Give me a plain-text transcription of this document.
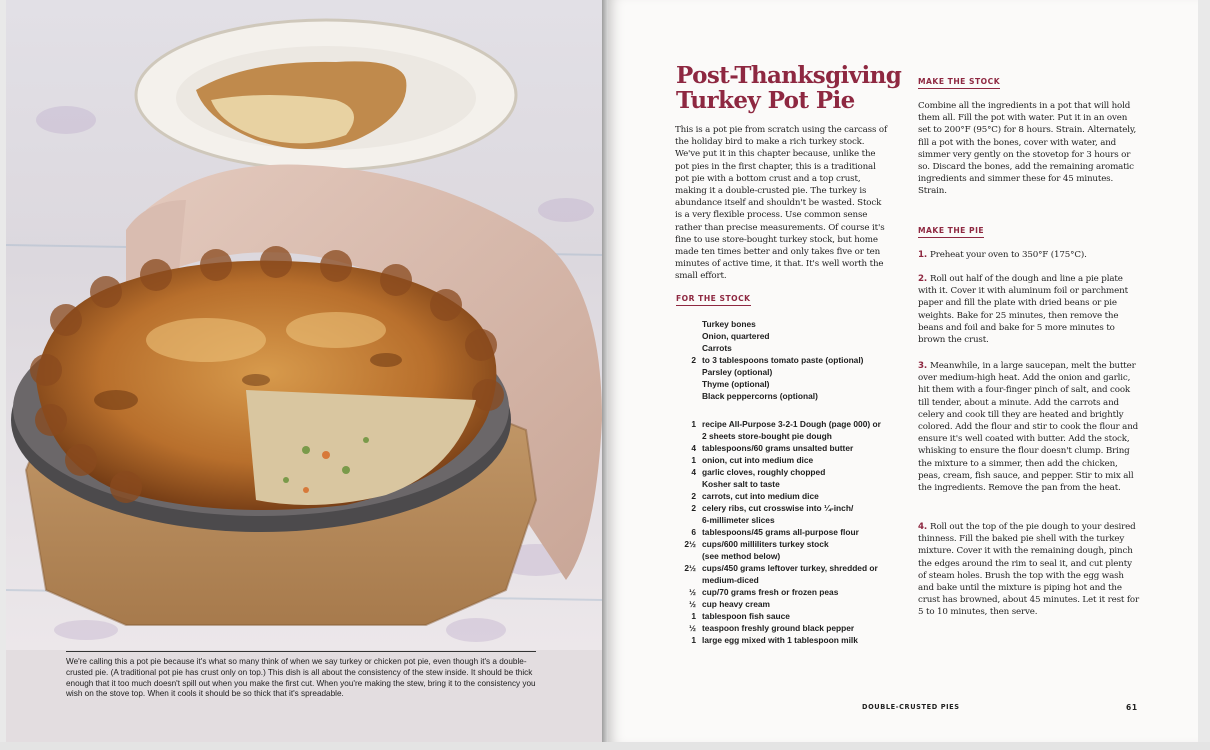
We're calling this a pot pie because it's what so many think of when we say turkey or chicken pot pie, even though it's a double-crusted pie. (A traditional pot pie has crust only on top.) This dish is all about the consistency of the stew inside. It should be thick enough that it too much doesn't spill out when you make the first cut. When you're making the stew, bring it to the consistency you wish on the stove top. When it cools it should be so thick that it's spreadable.
Post-Thanksgiving
Turkey Pot Pie
This is a pot pie from scratch using the carcass of the holiday bird to make a rich turkey stock. We've put it in this chapter because, unlike the pot pies in the first chapter, this is a traditional pot pie with a bottom crust and a top crust, making it a double-crusted pie. The turkey is abundance itself and shouldn't be wasted. Stock is a very flexible process. Use common sense rather than precise measurements. Of course it's fine to use store-bought turkey stock, but home made ten times better and only takes five or ten minutes of active time, it that. It's well worth the small effort.
FOR THE STOCK
Turkey bones
Onion, quartered
Carrots
2 to 3 tablespoons tomato paste (optional)
Parsley (optional)
Thyme (optional)
Black peppercorns (optional)
1 recipe All-Purpose 3-2-1 Dough (page 000) or
2 sheets store-bought pie dough
4 tablespoons/60 grams unsalted butter
1 onion, cut into medium dice
4 garlic cloves, roughly chopped
Kosher salt to taste
2 carrots, cut into medium dice
2 celery ribs, cut crosswise into ¼-inch/
6-millimeter slices
6 tablespoons/45 grams all-purpose flour
2½ cups/600 milliliters turkey stock
(see method below)
2½ cups/450 grams leftover turkey, shredded or
medium-diced
½ cup/70 grams fresh or frozen peas
½ cup heavy cream
1 tablespoon fish sauce
½ teaspoon freshly ground black pepper
1 large egg mixed with 1 tablespoon milk
MAKE THE STOCK
Combine all the ingredients in a pot that will hold them all. Fill the pot with water. Put it in an oven set to 200°F (95°C) for 8 hours. Strain. Alternately, fill a pot with the bones, cover with water, and simmer very gently on the stovetop for 3 hours or so. Discard the bones, add the remaining aromatic ingredients and simmer these for 45 minutes. Strain.
MAKE THE PIE
1. Preheat your oven to 350°F (175°C).
2. Roll out half of the dough and line a pie plate with it. Cover it with aluminum foil or parchment paper and fill the plate with dried beans or pie weights. Bake for 25 minutes, then remove the beans and foil and bake for 5 more minutes to brown the crust.
3. Meanwhile, in a large saucepan, melt the butter over medium-high heat. Add the onion and garlic, hit them with a four-finger pinch of salt, and cook till tender, about a minute. Add the carrots and celery and cook till they are heated and brightly colored. Add the flour and stir to cook the flour and ensure it's well coated with butter. Add the stock, whisking to ensure the flour doesn't clump. Bring the mixture to a simmer, then add the chicken, peas, cream, fish sauce, and pepper. Stir to mix all the ingredients. Remove the pan from the heat.
4. Roll out the top of the pie dough to your desired thinness. Fill the baked pie shell with the turkey mixture. Cover it with the remaining dough, pinch the edges around the rim to seal it, and cut plenty of steam holes. Brush the top with the egg wash and bake until the mixture is piping hot and the crust has browned, about 45 minutes. Let it rest for 5 to 10 minutes, then serve.
DOUBLE-CRUSTED PIES	61
